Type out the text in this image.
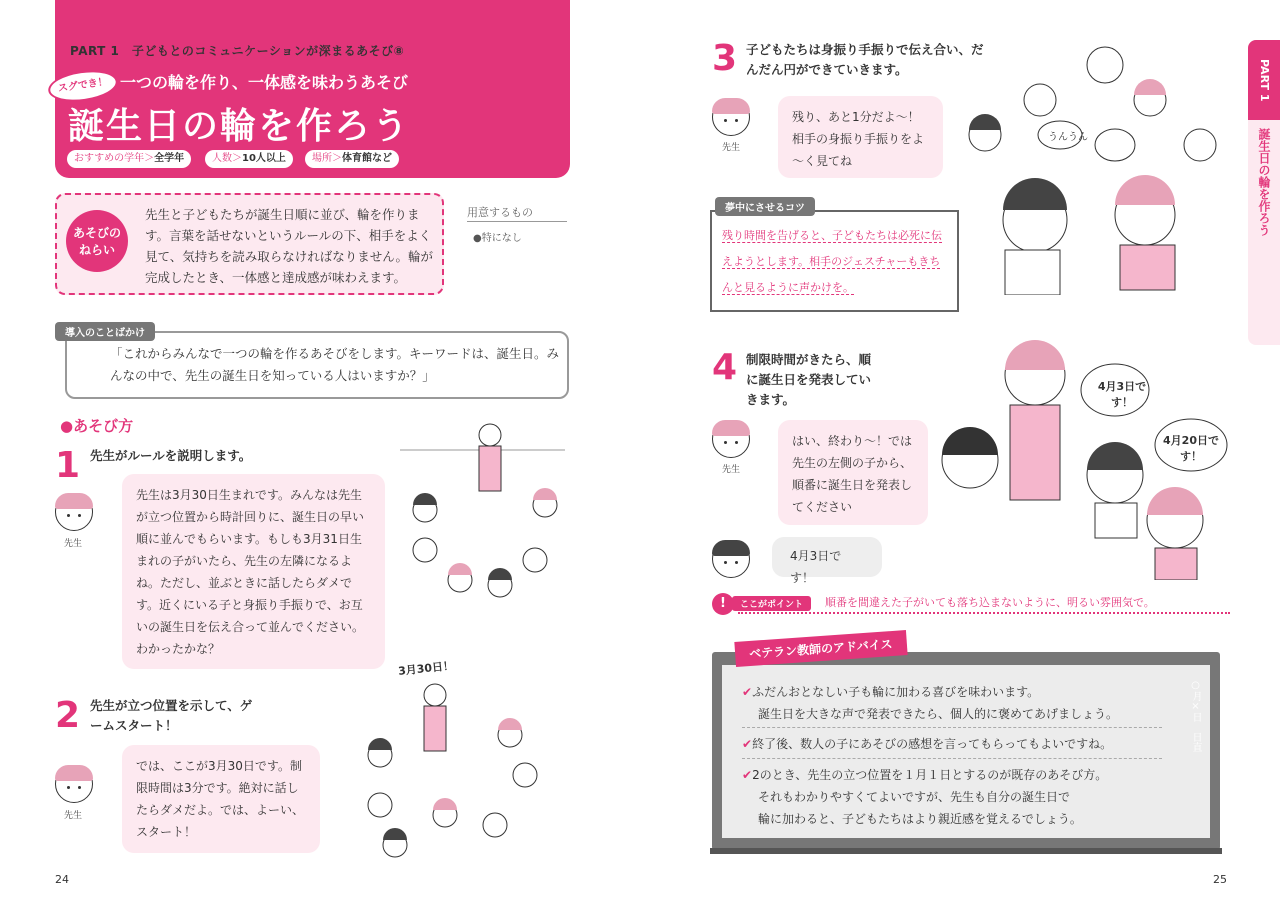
PART 1　子どもとのコミュニケーションが深まるあそび⑧
スグでき！ 一つの輪を作り、一体感を味わうあそび
誕生日の輪を作ろう
おすすめの学年＞全学年	人数＞10人以上	場所＞体育館など
あそびの
ねらい
先生と子どもたちが誕生日順に並び、輪を作ります。言葉を話せないというルールの下、相手をよく見て、気持ちを読み取らなければなりません。輪が完成したとき、一体感と達成感が味わえます。
用意するもの
●特になし
導入のことばかけ
「これからみんなで一つの輪を作るあそびをします。キーワードは、誕生日。みんなの中で、先生の誕生日を知っている人はいますか？」
●あそび方
1 先生がルールを説明します。
先生
先生は3月30日生まれです。みんなは先生が立つ位置から時計回りに、誕生日の早い順に並んでもらいます。もしも3月31日生まれの子がいたら、先生の左隣になるよね。ただし、並ぶときに話したらダメです。近くにいる子と身振り手振りで、お互いの誕生日を伝え合って並んでください。わかったかな？
2 先生が立つ位置を示して、ゲームスタート！
先生
では、ここが3月30日です。制限時間は3分です。絶対に話したらダメだよ。では、よーい、スタート！
3月30日！
24
3 子どもたちは身振り手振りで伝え合い、だんだん円ができていきます。
先生
残り、あと1分だよ～！相手の身振り手振りをよ～く見てね
夢中にさせるコツ
残り時間を告げると、子どもたちは必死に伝えようとします。相手のジェスチャーもきちんと見るように声かけを。
うんうん
4 制限時間がきたら、順に誕生日を発表していきます。
先生
はい、終わり～！では先生の左側の子から、順番に誕生日を発表してください
4月3日です！
4月3日です！
4月20日です！
!	ここがポイント	順番を間違えた子がいても落ち込まないように、明るい雰囲気で。
ベテラン教師のアドバイス
✔ふだんおとなしい子も輪に加わる喜びを味わいます。
誕生日を大きな声で発表できたら、個人的に褒めてあげましょう。
✔終了後、数人の子にあそびの感想を言ってもらってもよいですね。
✔2のとき、先生の立つ位置を１月１日とするのが既存のあそび方。
それもわかりやすくてよいですが、先生も自分の誕生日で
輪に加わると、子どもたちはより親近感を覚えるでしょう。
○月×日　日直
PART 1
誕生日の輪を作ろう
25
